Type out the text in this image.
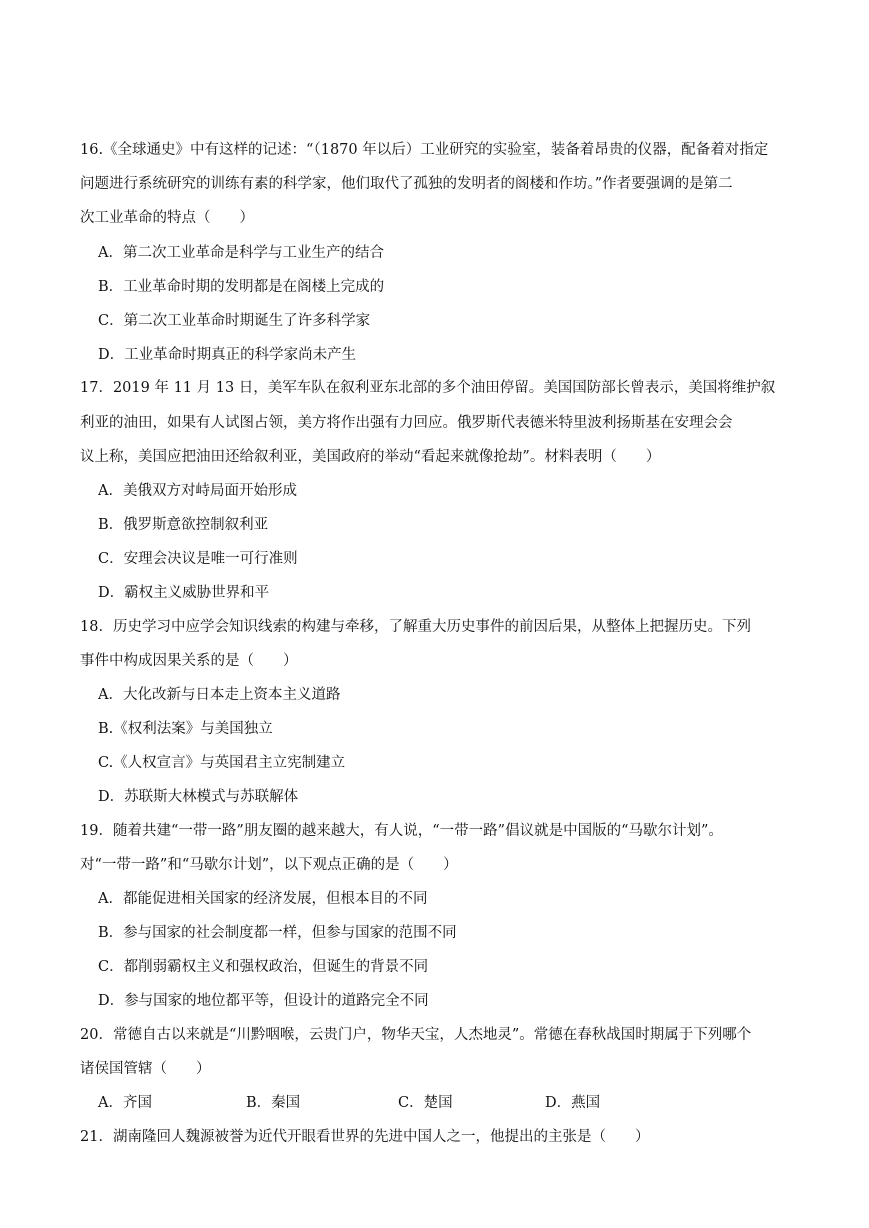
16.《全球通史》中有这样的记述：“（1870 年以后）工业研究的实验室，装备着昂贵的仪器，配备着对指定
问题进行系统研究的训练有素的科学家，他们取代了孤独的发明者的阁楼和作坊。”作者要强调的是第二
次工业革命的特点（　　）
A．第二次工业革命是科学与工业生产的结合
B．工业革命时期的发明都是在阁楼上完成的
C．第二次工业革命时期诞生了许多科学家
D．工业革命时期真正的科学家尚未产生
17．2019 年 11 月 13 日，美军车队在叙利亚东北部的多个油田停留。美国国防部长曾表示，美国将维护叙
利亚的油田，如果有人试图占领，美方将作出强有力回应。俄罗斯代表德米特里波利扬斯基在安理会会
议上称，美国应把油田还给叙利亚，美国政府的举动“看起来就像抢劫”。材料表明（　　）
A．美俄双方对峙局面开始形成
B．俄罗斯意欲控制叙利亚
C．安理会决议是唯一可行准则
D．霸权主义威胁世界和平
18．历史学习中应学会知识线索的构建与牵移，了解重大历史事件的前因后果，从整体上把握历史。下列
事件中构成因果关系的是（　　）
A．大化改新与日本走上资本主义道路
B.《权利法案》与美国独立
C.《人权宣言》与英国君主立宪制建立
D．苏联斯大林模式与苏联解体
19．随着共建“一带一路”朋友圈的越来越大，有人说，“一带一路”倡议就是中国版的“马歇尔计划”。
对“一带一路”和“马歇尔计划”，以下观点正确的是（　　）
A．都能促进相关国家的经济发展，但根本目的不同
B．参与国家的社会制度都一样，但参与国家的范围不同
C．都削弱霸权主义和强权政治，但诞生的背景不同
D．参与国家的地位都平等，但设计的道路完全不同
20．常德自古以来就是“川黔咽喉，云贵门户，物华天宝，人杰地灵”。常德在春秋战国时期属于下列哪个
诸侯国管辖（　　）
A．齐国	B．秦国	C．楚国	D．燕国
21．湖南隆回人魏源被誉为近代开眼看世界的先进中国人之一，他提出的主张是（　　）
